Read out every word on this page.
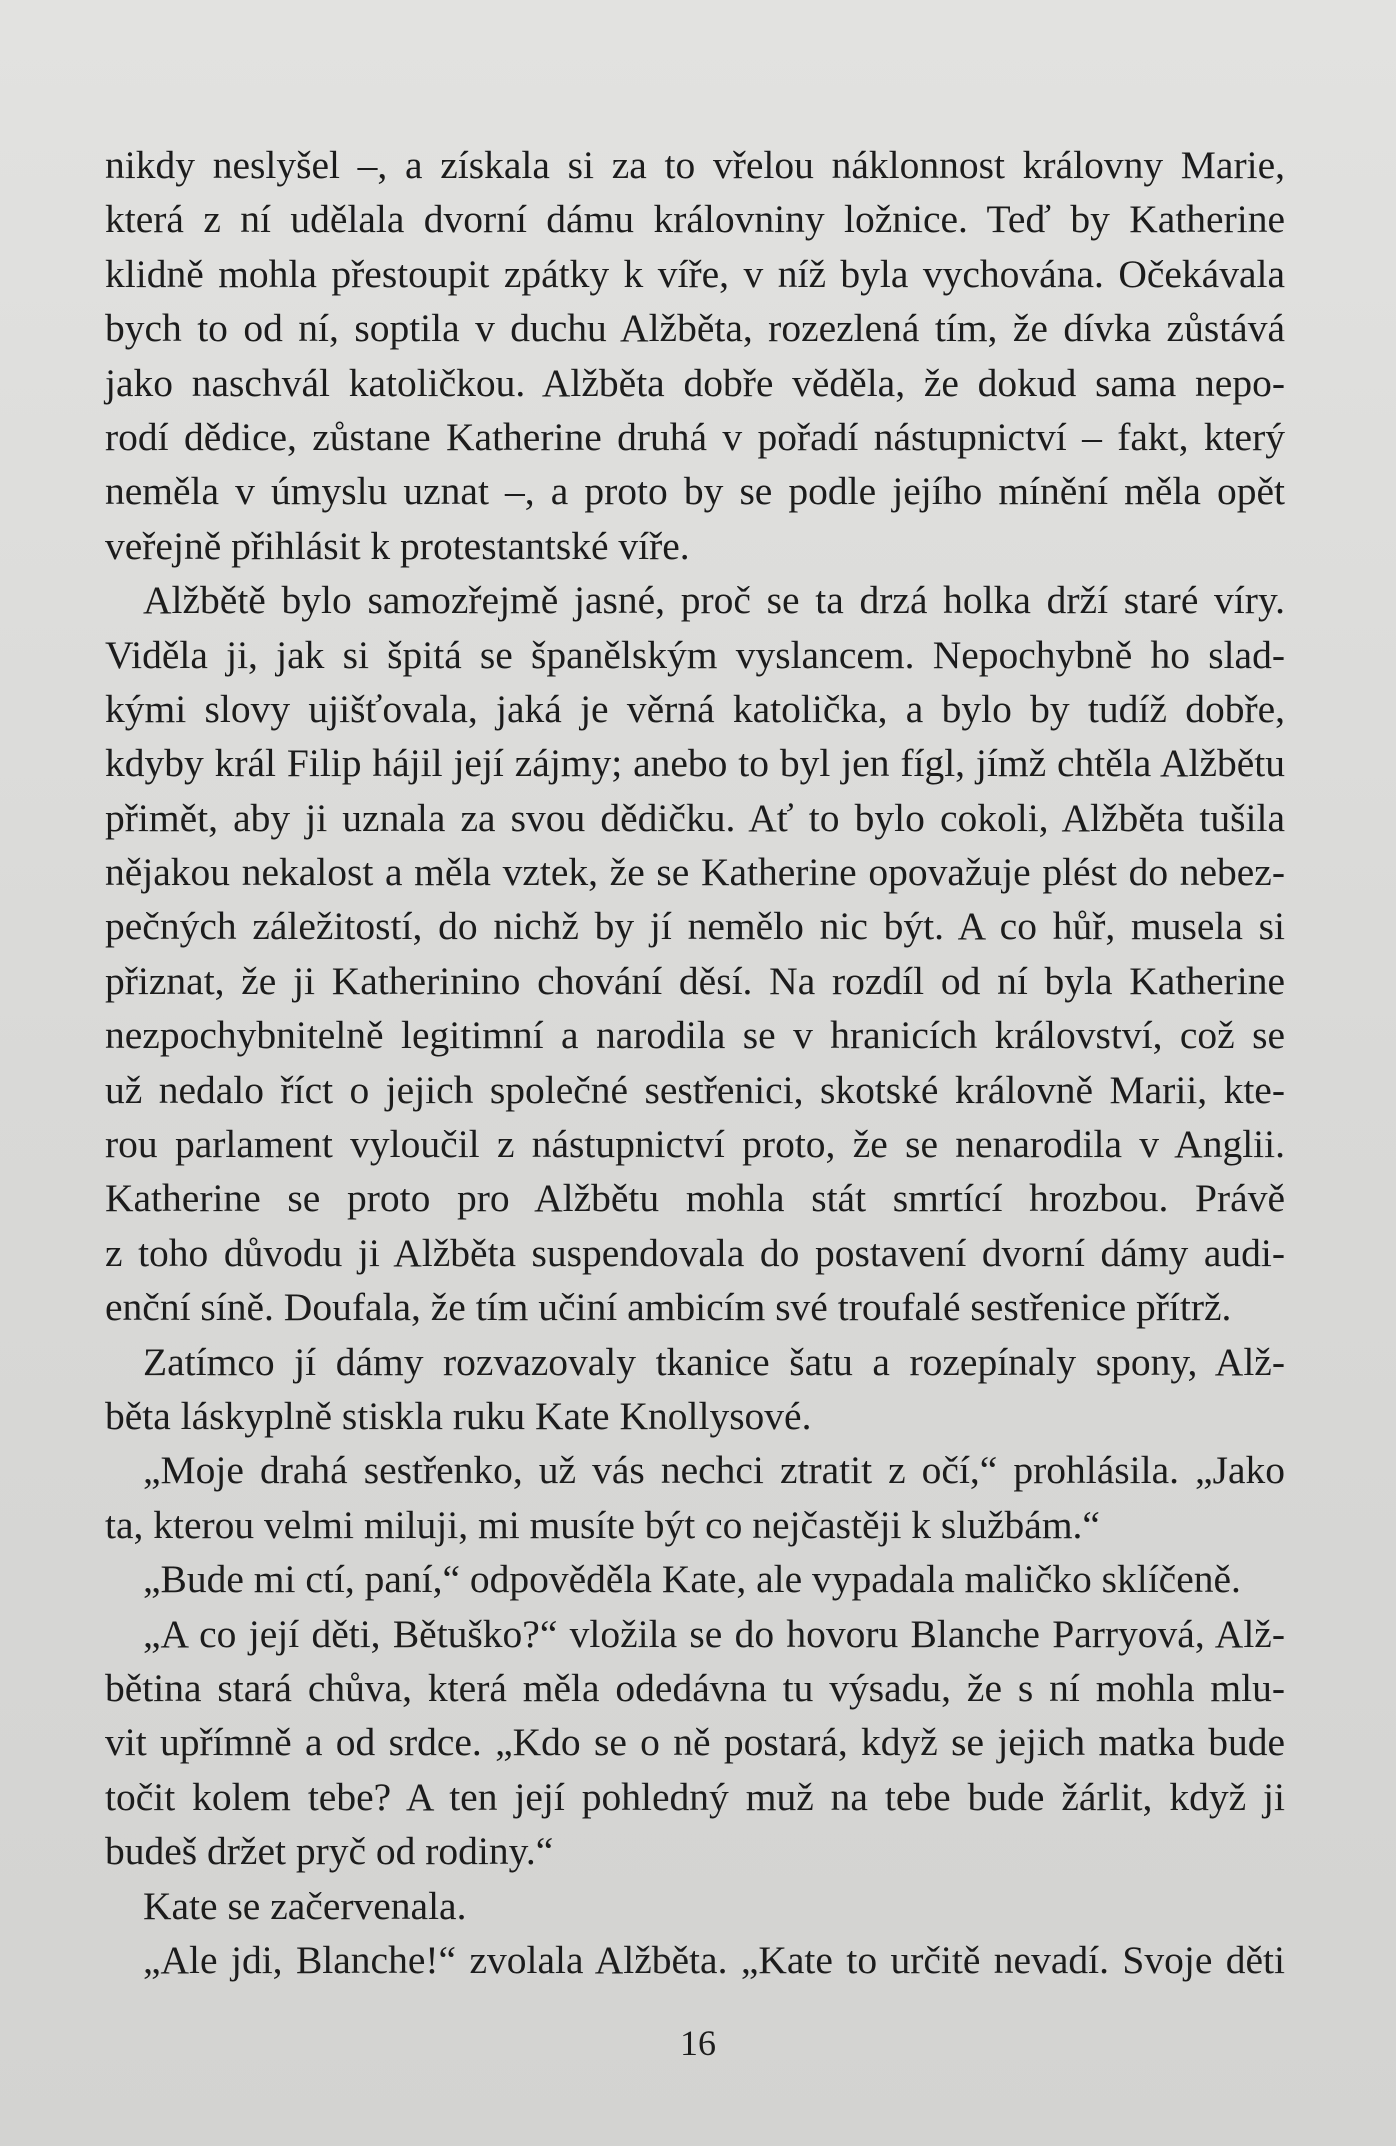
nikdy neslyšel –, a získala si za to vřelou náklonnost královny Marie,
která z ní udělala dvorní dámu královniny ložnice. Teď by Katherine
klidně mohla přestoupit zpátky k víře, v níž byla vychována. Očekávala
bych to od ní, soptila v duchu Alžběta, rozezlená tím, že dívka zůstává
jako naschvál katoličkou. Alžběta dobře věděla, že dokud sama nepo-
rodí dědice, zůstane Katherine druhá v pořadí nástupnictví – fakt, který
neměla v úmyslu uznat –, a proto by se podle jejího mínění měla opět
veřejně přihlásit k protestantské víře.
Alžbětě bylo samozřejmě jasné, proč se ta drzá holka drží staré víry.
Viděla ji, jak si špitá se španělským vyslancem. Nepochybně ho slad-
kými slovy ujišťovala, jaká je věrná katolička, a bylo by tudíž dobře,
kdyby král Filip hájil její zájmy; anebo to byl jen fígl, jímž chtěla Alžbětu
přimět, aby ji uznala za svou dědičku. Ať to bylo cokoli, Alžběta tušila
nějakou nekalost a měla vztek, že se Katherine opovažuje plést do nebez-
pečných záležitostí, do nichž by jí nemělo nic být. A co hůř, musela si
přiznat, že ji Katherinino chování děsí. Na rozdíl od ní byla Katherine
nezpochybnitelně legitimní a narodila se v hranicích království, což se
už nedalo říct o jejich společné sestřenici, skotské královně Marii, kte-
rou parlament vyloučil z nástupnictví proto, že se nenarodila v Anglii.
Katherine se proto pro Alžbětu mohla stát smrtící hrozbou. Právě
z toho důvodu ji Alžběta suspendovala do postavení dvorní dámy audi-
enční síně. Doufala, že tím učiní ambicím své troufalé sestřenice přítrž.
Zatímco jí dámy rozvazovaly tkanice šatu a rozepínaly spony, Alž-
běta láskyplně stiskla ruku Kate Knollysové.
„Moje drahá sestřenko, už vás nechci ztratit z očí,“ prohlásila. „Jako
ta, kterou velmi miluji, mi musíte být co nejčastěji k službám.“
„Bude mi ctí, paní,“ odpověděla Kate, ale vypadala maličko sklíčeně.
„A co její děti, Bětuško?“ vložila se do hovoru Blanche Parryová, Alž-
bětina stará chůva, která měla odedávna tu výsadu, že s ní mohla mlu-
vit upřímně a od srdce. „Kdo se o ně postará, když se jejich matka bude
točit kolem tebe? A ten její pohledný muž na tebe bude žárlit, když ji
budeš držet pryč od rodiny.“
Kate se začervenala.
„Ale jdi, Blanche!“ zvolala Alžběta. „Kate to určitě nevadí. Svoje děti
16
